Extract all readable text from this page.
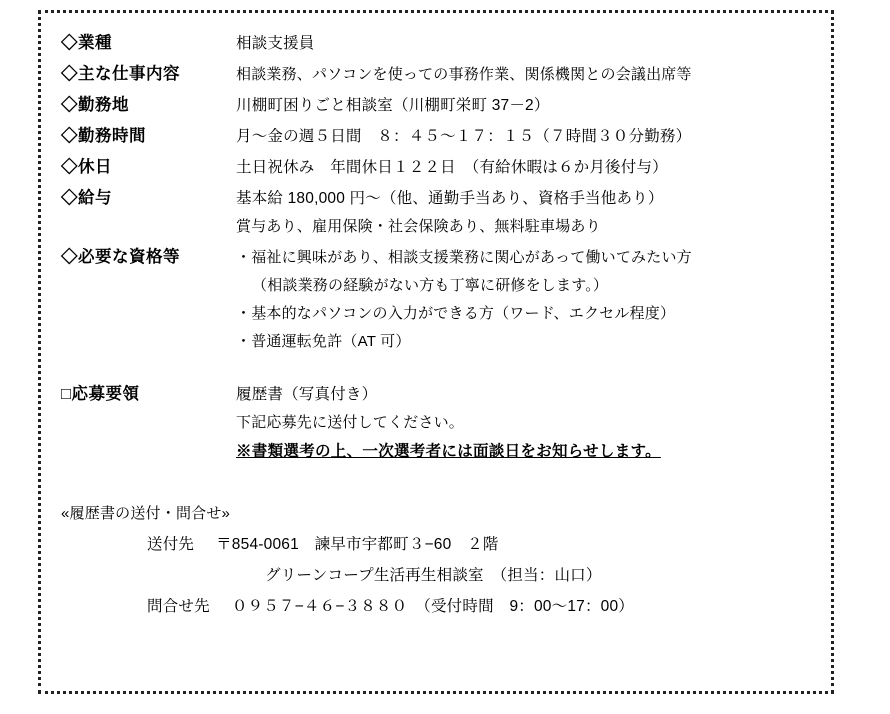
◇業種	相談支援員
◇主な仕事内容	相談業務、パソコンを使っての事務作業、関係機関との会議出席等
◇勤務地	川棚町困りごと相談室（川棚町栄町 37－2）
◇勤務時間	月〜金の週５日間　８：４５〜１７：１５（７時間３０分勤務）
◇休日	土日祝休み　年間休日１２２日　（有給休暇は６か月後付与）
◇給与	基本給 180,000 円〜（他、通勤手当あり、資格手当他あり）
賞与あり、雇用保険・社会保険あり、無料駐車場あり
◇必要な資格等	・福祉に興味があり、相談支援業務に関心があって働いてみたい方
（相談業務の経験がない方も丁寧に研修をします。）
・基本的なパソコンの入力ができる方（ワード、エクセル程度）
・普通運転免許（AT 可）
□応募要領	履歴書（写真付き）
下記応募先に送付してください。
※書類選考の上、一次選考者には面談日をお知らせします。
«履歴書の送付・問合せ»
送付先	〒854-0061　諫早市宇都町３−60　２階
グリーンコープ生活再生相談室　（担当：山口）
問合せ先	０９５７−４６−３８８０　（受付時間　9：00〜17：00）
